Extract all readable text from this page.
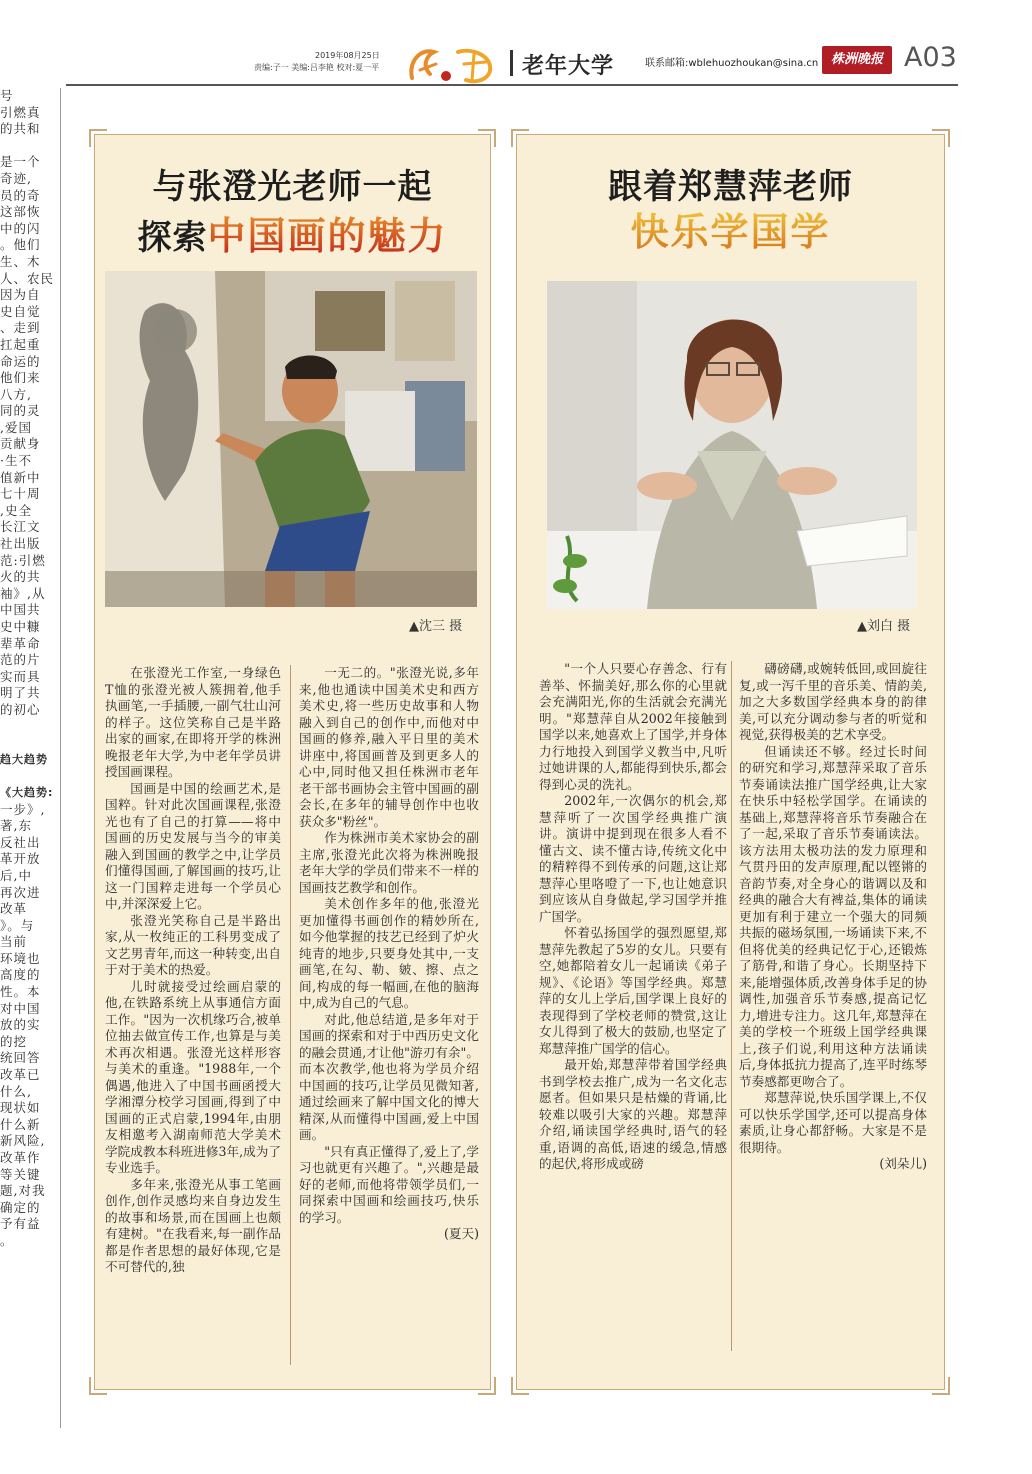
2019年08月25日
责编:子一 美编:吕李艳 校对:夏一平	老年大学	联系邮箱:wblehuozhoukan@sina.cn 株洲晚报 A03
号
引燃真
的共和
是一个
奇迹,
员的奇
这部恢
中的闪
。他们
生、木
人、农民
因为自
史自觉
、走到
扛起重
命运的
他们来
八方,
同的灵
,爱国
贡献身
·生不
值新中
七十周
,史全
长江文
社出版
范:引燃
火的共
袖》,从
中国共
史中糠
辈革命
范的片
实而具
明了共
的初心
趋大趋势
《大趋势:
一步》,
著,东
反社出
革开放
后,中
再次进
改革
》。与
当前
环境也
高度的
性。本
对中国
放的实
的挖
统回答
改革已
什么,
现状如
什么新
新风险,
改革作
等关键
题,对我
确定的
予有益
。
与张澄光老师一起
探索中国画的魅力
▲沈三 摄

在张澄光工作室,一身绿色T恤的张澄光被人簇拥着,他手执画笔,一手插腰,一副气壮山河的样子。这位笑称自己是半路出家的画家,在即将开学的株洲晚报老年大学,为中老年学员讲授国画课程。

国画是中国的绘画艺术,是国粹。针对此次国画课程,张澄光也有了自己的打算——将中国画的历史发展与当今的审美融入到国画的教学之中,让学员们懂得国画,了解国画的技巧,让这一门国粹走进每一个学员心中,并深深爱上它。

张澄光笑称自己是半路出家,从一枚纯正的工科男变成了文艺男青年,而这一种转变,出自于对于美术的热爱。

儿时就接受过绘画启蒙的他,在铁路系统上从事通信方面工作。"因为一次机缘巧合,被单位抽去做宣传工作,也算是与美术再次相遇。张澄光这样形容与美术的重逢。"1988年,一个偶遇,他进入了中国书画函授大学湘潭分校学习国画,得到了中国画的正式启蒙,1994年,由朋友相邀考入湖南师范大学美术学院成教本科班进修3年,成为了专业选手。

多年来,张澄光从事工笔画创作,创作灵感均来自身边发生的故事和场景,而在国画上也颇有建树。"在我看来,每一副作品都是作者思想的最好体现,它是不可替代的,独

一无二的。"张澄光说,多年来,他也通读中国美术史和西方美术史,将一些历史故事和人物融入到自己的创作中,而他对中国画的修养,融入平日里的美术讲座中,将国画普及到更多人的心中,同时他又担任株洲市老年老干部书画协会主管中国画的副会长,在多年的辅导创作中也收获众多"粉丝"。

作为株洲市美术家协会的副主席,张澄光此次将为株洲晚报老年大学的学员们带来不一样的国画技艺教学和创作。

美术创作多年的他,张澄光更加懂得书画创作的精妙所在,如今他掌握的技艺已经到了炉火纯青的地步,只要身处其中,一支画笔,在勾、勒、皴、擦、点之间,构成的每一幅画,在他的脑海中,成为自己的气息。

对此,他总结道,是多年对于国画的探索和对于中西历史文化的融会贯通,才让他"游刃有余"。而本次教学,他也将为学员介绍中国画的技巧,让学员见微知著,通过绘画来了解中国文化的博大精深,从而懂得中国画,爱上中国画。

"只有真正懂得了,爱上了,学习也就更有兴趣了。",兴趣是最好的老师,而他将带领学员们,一同探索中国画和绘画技巧,快乐的学习。

(夏天)

跟着郑慧萍老师
快乐学国学
▲刘白 摄

"一个人只要心存善念、行有善举、怀揣美好,那么你的心里就会充满阳光,你的生活就会充满光明。"郑慧萍自从2002年接触到国学以来,她喜欢上了国学,并身体力行地投入到国学义教当中,凡听过她讲课的人,都能得到快乐,都会得到心灵的洗礼。

2002年,一次偶尔的机会,郑慧萍听了一次国学经典推广演讲。演讲中提到现在很多人看不懂古文、读不懂古诗,传统文化中的精粹得不到传承的问题,这让郑慧萍心里咯噔了一下,也让她意识到应该从自身做起,学习国学并推广国学。

怀着弘扬国学的强烈愿望,郑慧萍先教起了5岁的女儿。只要有空,她都陪着女儿一起诵读《弟子规》、《论语》等国学经典。郑慧萍的女儿上学后,国学课上良好的表现得到了学校老师的赞赏,这让女儿得到了极大的鼓励,也坚定了郑慧萍推广国学的信心。

最开始,郑慧萍带着国学经典书到学校去推广,成为一名文化志愿者。但如果只是枯燥的背诵,比较难以吸引大家的兴趣。郑慧萍介绍,诵读国学经典时,语气的轻重,语调的高低,语速的缓急,情感的起伏,将形成或磅

礴磅礴,或婉转低回,或回旋往复,或一泻千里的音乐美、情韵美,加之大多数国学经典本身的韵律美,可以充分调动参与者的听觉和视觉,获得极美的艺术享受。

但诵读还不够。经过长时间的研究和学习,郑慧萍采取了音乐节奏诵读法推广国学经典,让大家在快乐中轻松学国学。在诵读的基础上,郑慧萍将音乐节奏融合在了一起,采取了音乐节奏诵读法。该方法用太极功法的发力原理和气贯丹田的发声原理,配以铿锵的音韵节奏,对全身心的谐调以及和经典的融合大有裨益,集体的诵读更加有利于建立一个强大的同频共振的磁场氛围,一场诵读下来,不但将优美的经典记忆于心,还锻炼了筋骨,和谐了身心。长期坚持下来,能增强体质,改善身体手足的协调性,加强音乐节奏感,提高记忆力,增进专注力。这几年,郑慧萍在美的学校一个班级上国学经典课上,孩子们说,利用这种方法诵读后,身体抵抗力提高了,连平时练琴节奏感都更吻合了。

郑慧萍说,快乐国学课上,不仅可以快乐学国学,还可以提高身体素质,让身心都舒畅。大家是不是很期待。

(刘朵儿)
